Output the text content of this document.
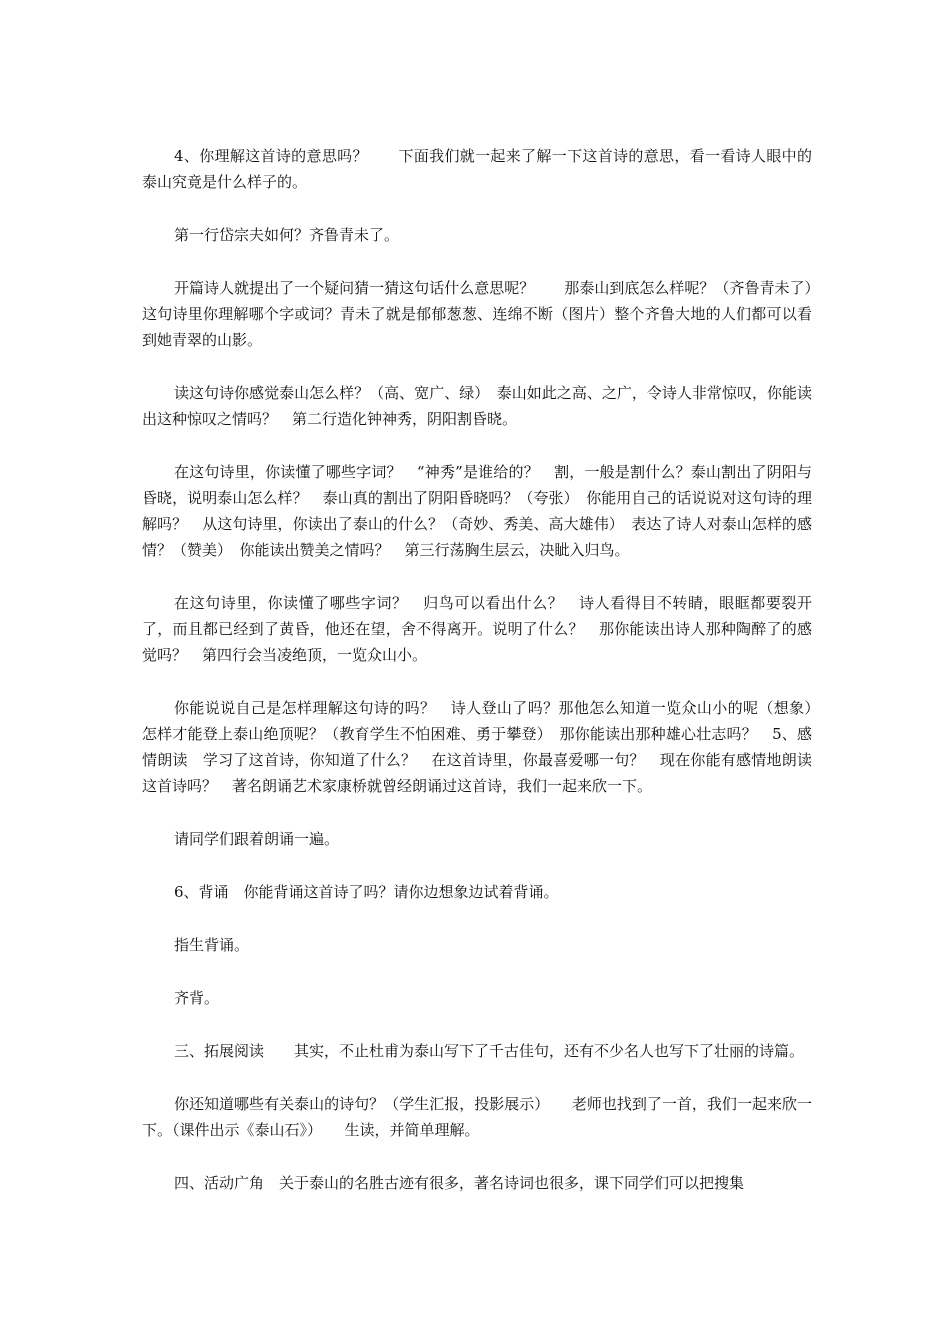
4、你理解这首诗的意思吗？　　下面我们就一起来了解一下这首诗的意思，看一看诗人眼中的泰山究竟是什么样子的。

第一行岱宗夫如何？齐鲁青未了。

开篇诗人就提出了一个疑问猜一猜这句话什么意思呢？　　那泰山到底怎么样呢？（齐鲁青未了）　这句诗里你理解哪个字或词？青未了就是郁郁葱葱、连绵不断（图片）整个齐鲁大地的人们都可以看到她青翠的山影。

读这句诗你感觉泰山怎么样？（高、宽广、绿）　泰山如此之高、之广，令诗人非常惊叹，你能读出这种惊叹之情吗？　第二行造化钟神秀，阴阳割昏晓。

在这句诗里，你读懂了哪些字词？　“神秀”是谁给的？　割，一般是割什么？泰山割出了阴阳与昏晓，说明泰山怎么样？　泰山真的割出了阴阳昏晓吗？（夸张）　你能用自己的话说说对这句诗的理解吗？　从这句诗里，你读出了泰山的什么？（奇妙、秀美、高大雄伟）　表达了诗人对泰山怎样的感情？（赞美）　你能读出赞美之情吗？　第三行荡胸生层云，决眦入归鸟。

在这句诗里，你读懂了哪些字词？　归鸟可以看出什么？　诗人看得目不转睛，眼眶都要裂开了，而且都已经到了黄昏，他还在望，舍不得离开。说明了什么？　那你能读出诗人那种陶醉了的感觉吗？　第四行会当凌绝顶，一览众山小。

你能说说自己是怎样理解这句诗的吗？　诗人登山了吗？那他怎么知道一览众山小的呢（想象）　怎样才能登上泰山绝顶呢？（教育学生不怕困难、勇于攀登）　那你能读出那种雄心壮志吗？　5、感情朗读　学习了这首诗，你知道了什么？　在这首诗里，你最喜爱哪一句？　现在你能有感情地朗读这首诗吗？　著名朗诵艺术家康桥就曾经朗诵过这首诗，我们一起来欣一下。

请同学们跟着朗诵一遍。

6、背诵　你能背诵这首诗了吗？请你边想象边试着背诵。

指生背诵。

齐背。

三、拓展阅读　　其实，不止杜甫为泰山写下了千古佳句，还有不少名人也写下了壮丽的诗篇。

你还知道哪些有关泰山的诗句？（学生汇报，投影展示）　　老师也找到了一首，我们一起来欣一下。（课件出示《泰山石》）　　生读，并简单理解。

四、活动广角　关于泰山的名胜古迹有很多，著名诗词也很多，课下同学们可以把搜集
